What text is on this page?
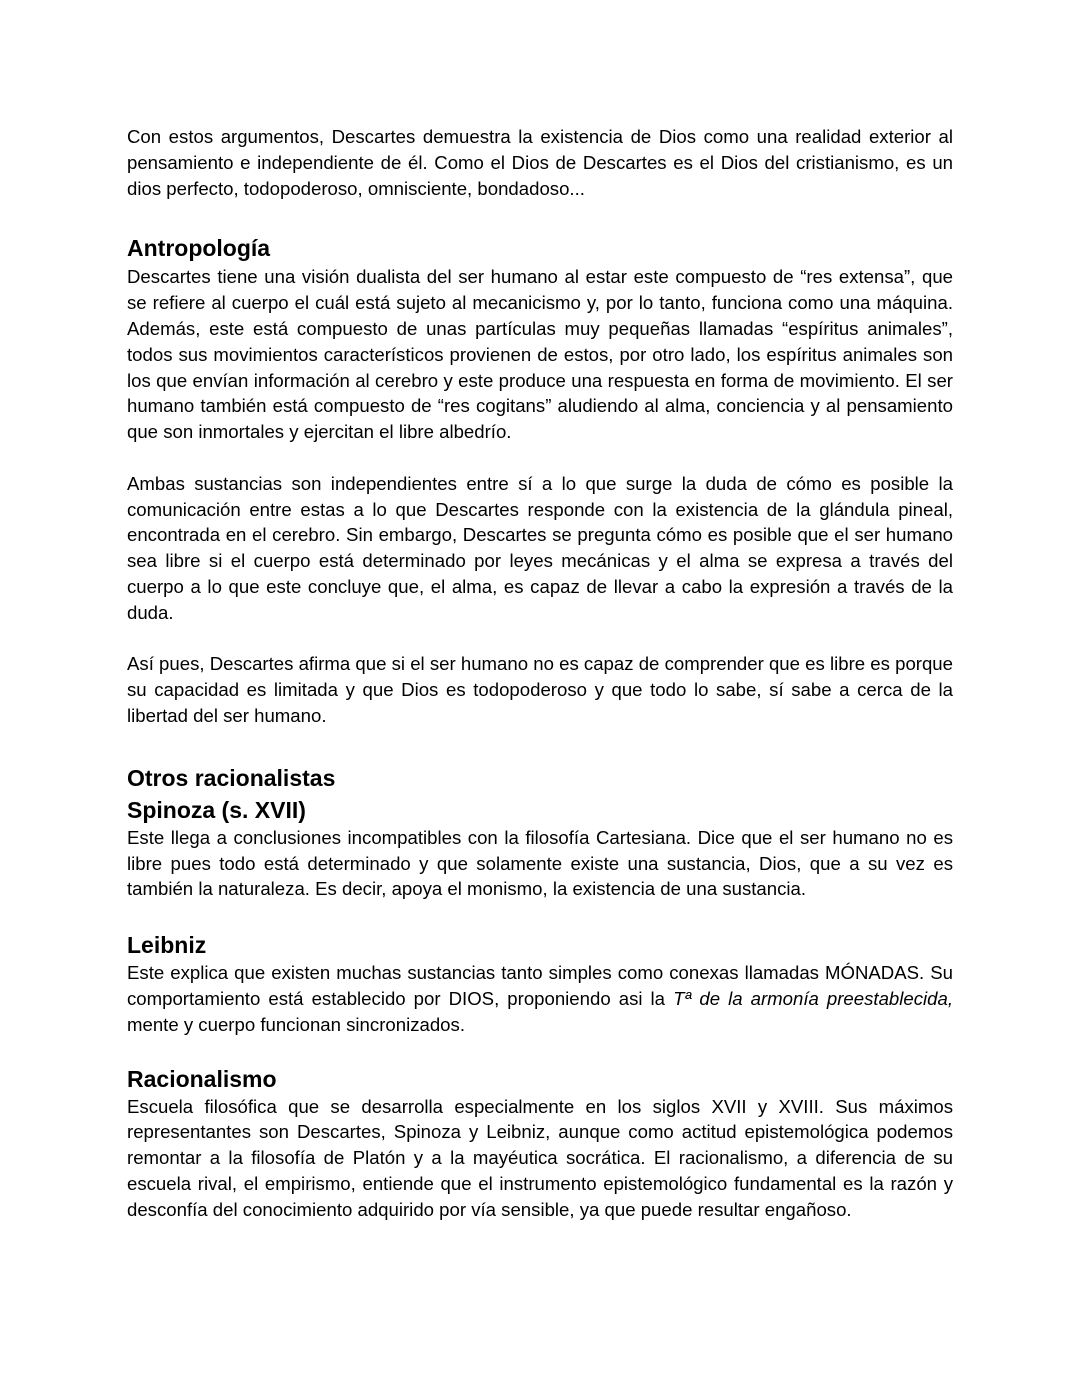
Con estos argumentos, Descartes demuestra la existencia de Dios como una realidad exterior al pensamiento e independiente de él. Como el Dios de Descartes es el Dios del cristianismo, es un dios perfecto, todopoderoso, omnisciente, bondadoso...

Antropología

Descartes tiene una visión dualista del ser humano al estar este compuesto de “res extensa”, que se refiere al cuerpo el cuál está sujeto al mecanicismo y, por lo tanto, funciona como una máquina. Además, este está compuesto de unas partículas muy pequeñas llamadas “espíritus animales”, todos sus movimientos característicos provienen de estos, por otro lado, los espíritus animales son los que envían información al cerebro y este produce una respuesta en forma de movimiento. El ser humano también está compuesto de “res cogitans” aludiendo al alma, conciencia y al pensamiento que son inmortales y ejercitan el libre albedrío.

Ambas sustancias son independientes entre sí a lo que surge la duda de cómo es posible la comunicación entre estas a lo que Descartes responde con la existencia de la glándula pineal, encontrada en el cerebro. Sin embargo, Descartes se pregunta cómo es posible que el ser humano sea libre si el cuerpo está determinado por leyes mecánicas y el alma se expresa a través del cuerpo a lo que este concluye que, el alma, es capaz de llevar a cabo la expresión a través de la duda.

Así pues, Descartes afirma que si el ser humano no es capaz de comprender que es libre es porque su capacidad es limitada y que Dios es todopoderoso y que todo lo sabe, sí sabe a cerca de la libertad del ser humano.

Otros racionalistas
Spinoza (s. XVII)

Este llega a conclusiones incompatibles con la filosofía Cartesiana. Dice que el ser humano no es libre pues todo está determinado y que solamente existe una sustancia, Dios, que a su vez es también la naturaleza. Es decir, apoya el monismo, la existencia de una sustancia.

Leibniz

Este explica que existen muchas sustancias tanto simples como conexas llamadas MÓNADAS. Su comportamiento está establecido por DIOS, proponiendo asi la Tª de la armonía preestablecida, mente y cuerpo funcionan sincronizados.

Racionalismo

Escuela filosófica que se desarrolla especialmente en los siglos XVII y XVIII. Sus máximos representantes son Descartes, Spinoza y Leibniz, aunque como actitud epistemológica podemos remontar a la filosofía de Platón y a la mayéutica socrática. El racionalismo, a diferencia de su escuela rival, el empirismo, entiende que el instrumento epistemológico fundamental es la razón y desconfía del conocimiento adquirido por vía sensible, ya que puede resultar engañoso.
